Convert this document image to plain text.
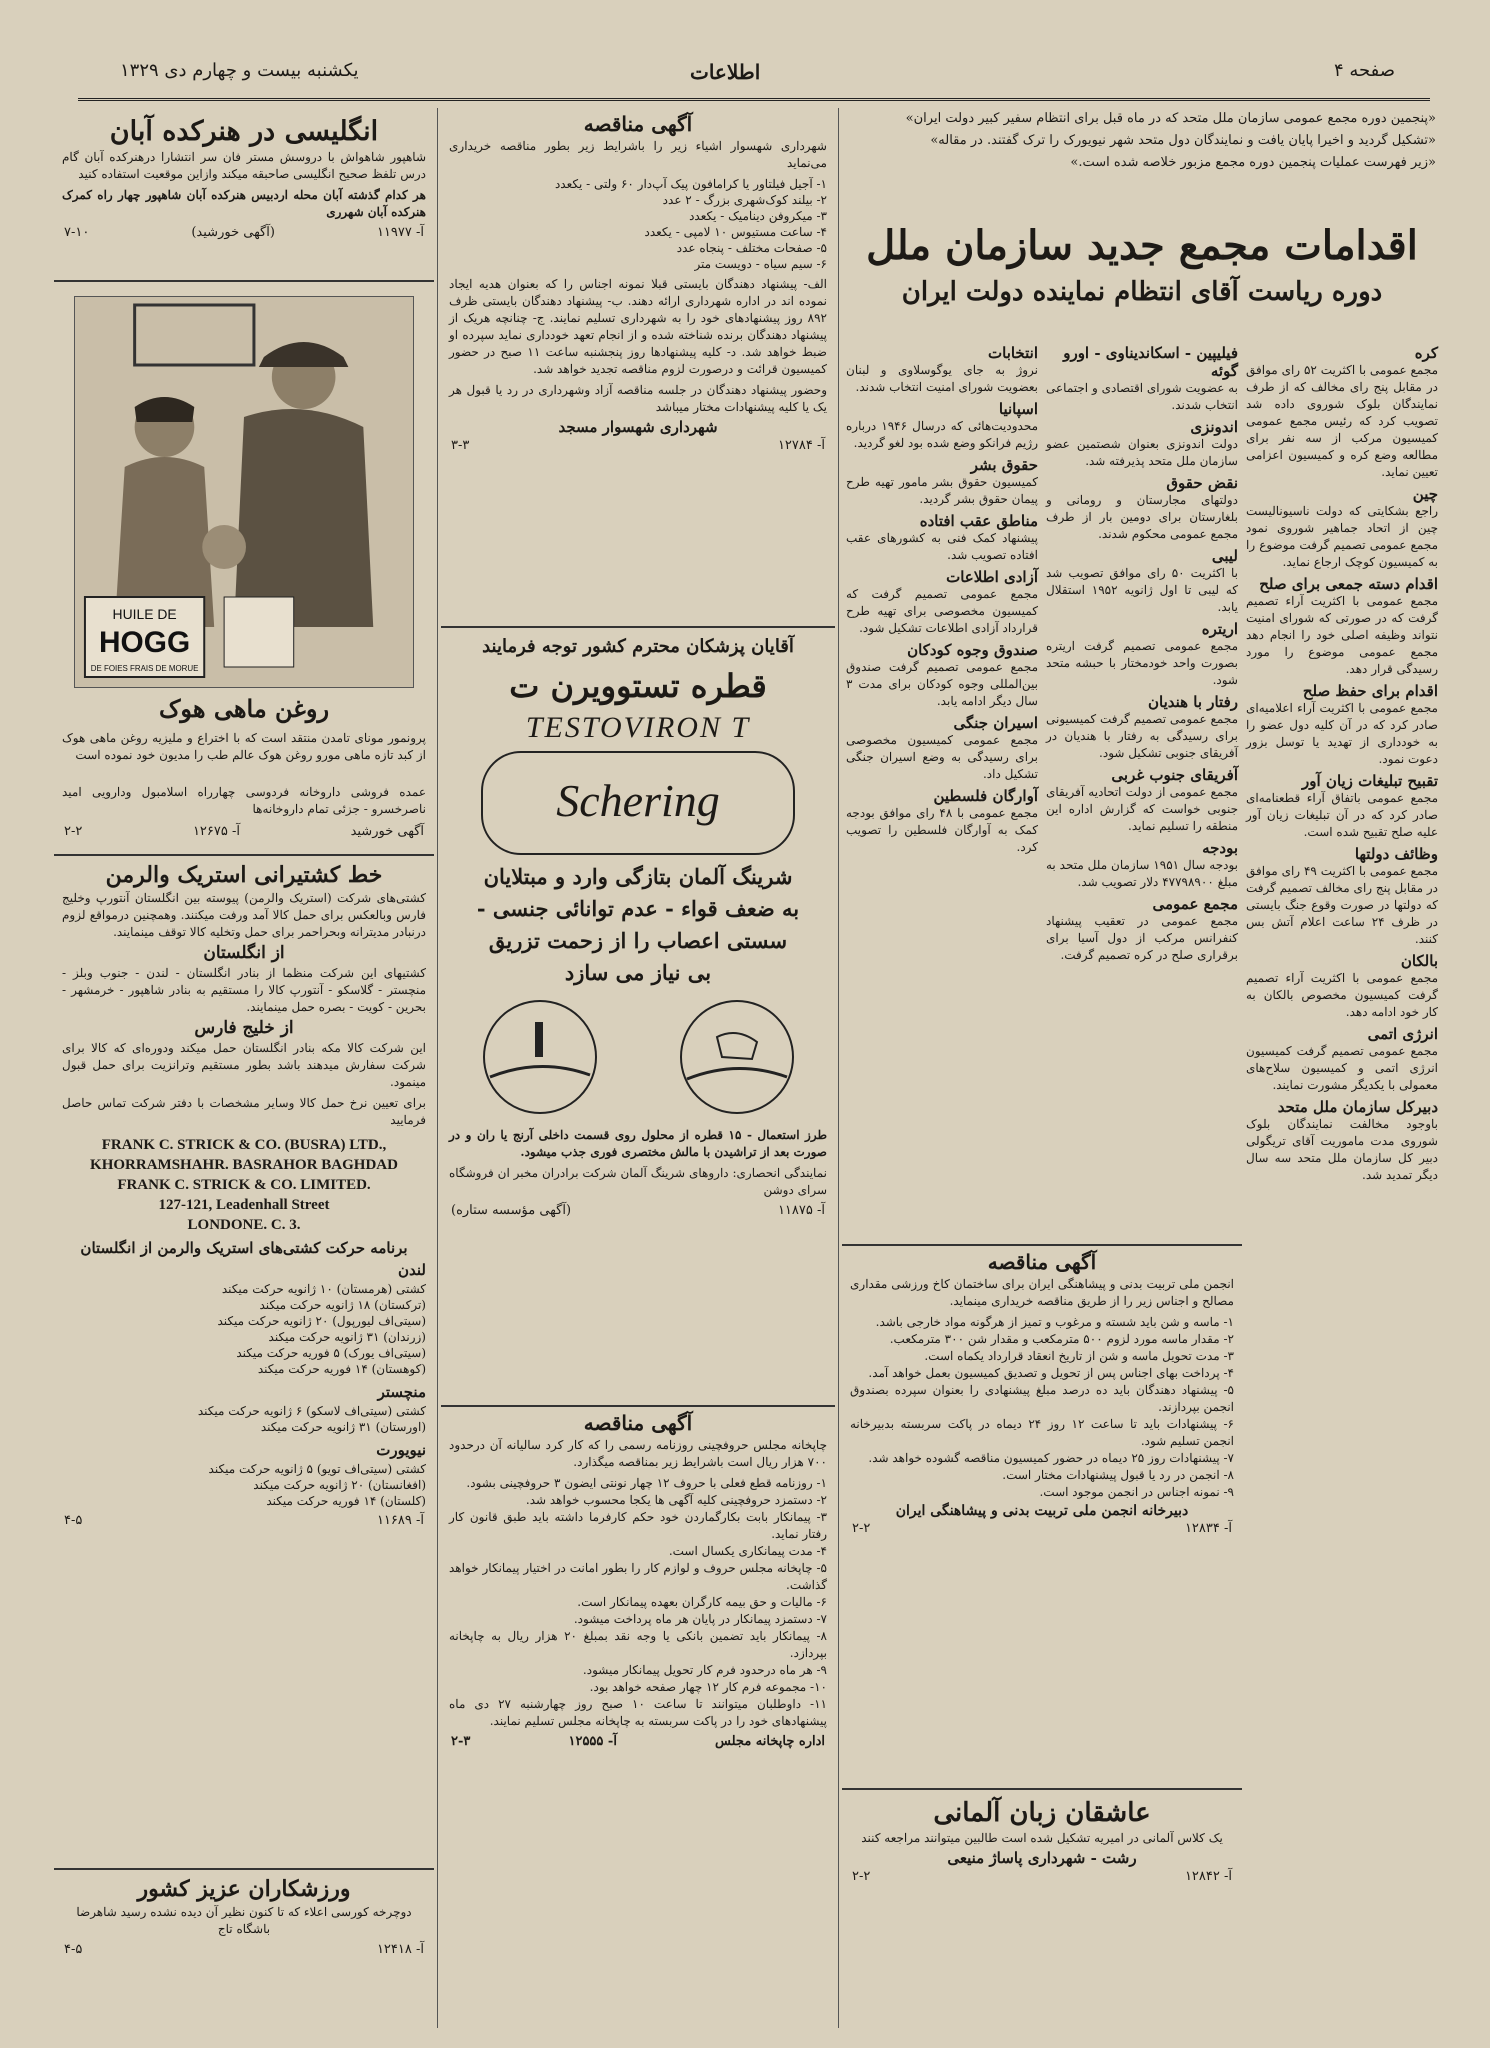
یکشنبه بیست و چهارم دی ۱۳۲۹	اطلاعات	صفحه ۴
انگلیسی در هنرکده آبان
شاهپور شاهواش با دروسش مستر فان سر انتشارا درهنرکده آبان گام درس تلفظ صحیح انگلیسی صاحبقه میکند وازاین موقعیت استفاده کنید
هر کدام گذشته آبان محله اردبیس هنرکده آبان شاهپور چهار راه کمرک هنرکده آبان شهرری
آ- ۱۱۹۷۷
(آگهی خورشید)
۷-۱۰
HUILE DE
HOGG
DE FOIES FRAIS DE MORUE
روغن ماهی هوک
پرونمور مونای تامدن منتقد است که با اختراع و ملیزیه روغن ماهی هوک از کبد تازه ماهی مورو روغن هوک عالم طب را مدیون خود نموده است
عمده فروشی داروخانه فردوسی چهارراه اسلامبول ودارویی امید ناصرخسرو - جزئی تمام داروخانه‌ها
آگهی خورشید
آ- ۱۲۶۷۵
۲-۲
خط کشتیرانی استریک والرمن
کشتی‌های شرکت (استریک والرمن) پیوسته بین انگلستان آنتورپ وخلیج فارس وبالعکس برای حمل کالا آمد ورفت میکنند. وهمچنین درمواقع لزوم درنبادر مدیترانه وبحراحمر برای حمل وتخلیه کالا توقف مینمایند.
از انگلستان
کشتیهای این شرکت منظما از بنادر انگلستان - لندن - جنوب وبلز - منچستر - گلاسکو - آنتورپ کالا را مستقیم به بنادر شاهپور - خرمشهر - بحرین - کویت - بصره حمل مینمایند.
از خلیج فارس
این شرکت کالا مکه بنادر انگلستان حمل میکند ودوره‌ای که کالا برای شرکت سفارش میدهند باشد بطور مستقیم وترانزیت برای حمل قبول مینمود.
برای تعیین نرخ حمل کالا وسایر مشخصات با دفتر شرکت تماس حاصل فرمایید
FRANK C. STRICK & CO. (BUSRA) LTD.,
KHORRAMSHAHR. BASRAHOR BAGHDAD
FRANK C. STRICK & CO. LIMITED.
127-121, Leadenhall Street
LONDONE. C. 3.
برنامه حرکت کشتی‌های استریک والرمن از انگلستان
لندن
کشتی (هرمستان) ۱۰ ژانویه حرکت میکند
(ترکستان) ۱۸ ژانویه حرکت میکند
(سیتی‌اف لیورپول) ۲۰ ژانویه حرکت میکند
(زرندان) ۳۱ ژانویه حرکت میکند
(سیتی‌اف یورک) ۵ فوریه حرکت میکند
(کوهستان) ۱۴ فوریه حرکت میکند
منچستر
کشتی (سیتی‌اف لاسکو) ۶ ژانویه حرکت میکند
(اورستان) ۳۱ ژانویه حرکت میکند
نیویورت
کشتی (سیتی‌اف تویو) ۵ ژانویه حرکت میکند
(افغانستان) ۲۰ ژانویه حرکت میکند
(کلستان) ۱۴ فوریه حرکت میکند
آ- ۱۱۶۸۹
۴-۵
ورزشکاران عزیز کشور
دوچرخه کورسی اعلاء که تا کنون نظیر آن دیده نشده رسید شاهرضا باشگاه تاج
آ- ۱۲۴۱۸
۴-۵
آگهی مناقصه
شهرداری شهسوار اشیاء زیر را باشرایط زیر بطور مناقصه خریداری می‌نماید
۱- آجیل فیلتاور یا کرامافون پیک آپ‌دار ۶۰ ولتی - یکعدد
۲- بیلند کوک‌شهری بزرگ - ۲ عدد
۳- میکروفن دینامیک - یکعدد
۴- ساعت مستیوس ۱۰ لامپی - یکعدد
۵- صفحات مختلف - پنجاه عدد
۶- سیم سیاه - دویست متر
الف- پیشنهاد دهندگان بایستی قبلا نمونه اجناس را که بعنوان هدیه ایجاد نموده اند در اداره شهرداری ارائه دهند. ب- پیشنهاد دهندگان بایستی ظرف ۸۹۲ روز پیشنهادهای خود را به شهرداری تسلیم نمایند. ج- چنانچه هریک از پیشنهاد دهندگان برنده شناخته شده و از انجام تعهد خودداری نماید سپرده او ضبط خواهد شد. د- کلیه پیشنهادها روز پنجشنبه ساعت ۱۱ صبح در حضور کمیسیون قرائت و درصورت لزوم مناقصه تجدید خواهد شد.
وحضور پیشنهاد دهندگان در جلسه مناقصه آزاد وشهرداری در رد یا قبول هر یک یا کلیه پیشنهادات مختار میباشد
شهرداری شهسوار مسجد
آ- ۱۲۷۸۴
۳-۳
آقایان پزشکان محترم کشور توجه فرمایند
قطره تستوویرن ت
TESTOVIRON T
Schering
شرینگ آلمان بتازگی وارد و مبتلایان
به ضعف قواء - عدم توانائی جنسی -
سستی اعصاب را از زحمت تزریق
بی نیاز می سازد
طرز استعمال - ۱۵ قطره از محلول روی قسمت داخلی آرنج یا ران و در صورت بعد از تراشیدن با مالش مختصری فوری جذب میشود.
نمایندگی انحصاری: داروهای شرینگ آلمان شرکت برادران مخبر ان فروشگاه سرای دوشن
آ- ۱۱۸۷۵
(آگهی مؤسسه ستاره)
آگهی مناقصه
چاپخانه مجلس حروفچینی روزنامه رسمی را که کار کرد سالیانه آن درحدود ۷۰۰ هزار ریال است باشرایط زیر بمناقصه میگذارد.
۱- روزنامه قطع فعلی با حروف ۱۲ چهار نونتی ایضون ۳ حروفچینی بشود.
۲- دستمزد حروفچینی کلیه آگهی ها یکجا محسوب خواهد شد.
۳- پیمانکار بابت بکارگماردن خود حکم کارفرما داشته باید طبق قانون کار رفتار نماید.
۴- مدت پیمانکاری یکسال است.
۵- چاپخانه مجلس حروف و لوازم کار را بطور امانت در اختیار پیمانکار خواهد گذاشت.
۶- مالیات و حق بیمه کارگران بعهده پیمانکار است.
۷- دستمزد پیمانکار در پایان هر ماه پرداخت میشود.
۸- پیمانکار باید تضمین بانکی یا وجه نقد بمبلغ ۲۰ هزار ریال به چاپخانه بپردازد.
۹- هر ماه درحدود فرم کار تحویل پیمانکار میشود.
۱۰- مجموعه فرم کار ۱۲ چهار صفحه خواهد بود.
۱۱- داوطلبان میتوانند تا ساعت ۱۰ صبح روز چهارشنبه ۲۷ دی ماه پیشنهادهای خود را در پاکت سربسته به چاپخانه مجلس تسلیم نمایند.
اداره چاپخانه مجلس
آ- ۱۲۵۵۵
۲-۳
«پنجمین دوره مجمع عمومی سازمان ملل متحد که در ماه قبل برای انتظام سفیر کبیر دولت ایران»
«تشکیل گردید و اخیرا پایان یافت و نمایندگان دول متحد شهر نیویورک را ترک گفتند. در مقاله»
«زیر فهرست عملیات پنجمین دوره مجمع مزبور خلاصه شده است.»
اقدامات مجمع جدید سازمان ملل
دوره ریاست آقای انتظام نماینده دولت ایران
کره
مجمع عمومی با اکثریت ۵۲ رای موافق در مقابل پنج رای مخالف که از طرف نمایندگان بلوک شوروی داده شد تصویب کرد که رئیس مجمع عمومی کمیسیون مرکب از سه نفر برای مطالعه وضع کره و کمیسیون اعزامی تعیین نماید.
چین
راجع بشکایتی که دولت ناسیونالیست چین از اتحاد جماهیر شوروی نمود مجمع عمومی تصمیم گرفت موضوع را به کمیسیون کوچک ارجاع نماید.
اقدام دسته جمعی برای صلح
مجمع عمومی با اکثریت آراء تصمیم گرفت که در صورتی که شورای امنیت نتواند وظیفه اصلی خود را انجام دهد مجمع عمومی موضوع را مورد رسیدگی قرار دهد.
اقدام برای حفظ صلح
مجمع عمومی با اکثریت آراء اعلامیه‌ای صادر کرد که در آن کلیه دول عضو را به خودداری از تهدید یا توسل بزور دعوت نمود.
تقبیح تبلیغات زیان آور
مجمع عمومی باتفاق آراء قطعنامه‌ای صادر کرد که در آن تبلیغات زیان آور علیه صلح تقبیح شده است.
وظائف دولتها
مجمع عمومی با اکثریت ۴۹ رای موافق در مقابل پنج رای مخالف تصمیم گرفت که دولتها در صورت وقوع جنگ بایستی در ظرف ۲۴ ساعت اعلام آتش بس کنند.
بالکان
مجمع عمومی با اکثریت آراء تصمیم گرفت کمیسیون مخصوص بالکان به کار خود ادامه دهد.
انرژی اتمی
مجمع عمومی تصمیم گرفت کمیسیون انرژی اتمی و کمیسیون سلاح‌های معمولی با یکدیگر مشورت نمایند.
دبیرکل سازمان ملل متحد
باوجود مخالفت نمایندگان بلوک شوروی مدت ماموریت آقای تریگولی دبیر کل سازمان ملل متحد سه سال دیگر تمدید شد.
فیلیپین - اسکاندیناوی - اورو گوئه
به عضویت شورای اقتصادی و اجتماعی انتخاب شدند.
اندونزی
دولت اندونزی بعنوان شصتمین عضو سازمان ملل متحد پذیرفته شد.
نقض حقوق
دولتهای مجارستان و رومانی و بلغارستان برای دومین بار از طرف مجمع عمومی محکوم شدند.
لیبی
با اکثریت ۵۰ رای موافق تصویب شد که لیبی تا اول ژانویه ۱۹۵۲ استقلال یابد.
اریتره
مجمع عمومی تصمیم گرفت اریتره بصورت واحد خودمختار با حبشه متحد شود.
رفتار با هندیان
مجمع عمومی تصمیم گرفت کمیسیونی برای رسیدگی به رفتار با هندیان در آفریقای جنوبی تشکیل شود.
آفریقای جنوب غربی
مجمع عمومی از دولت اتحادیه آفریقای جنوبی خواست که گزارش اداره این منطقه را تسلیم نماید.
بودجه
بودجه سال ۱۹۵۱ سازمان ملل متحد به مبلغ ۴۷۷۹۸۹۰۰ دلار تصویب شد.
مجمع عمومی
مجمع عمومی در تعقیب پیشنهاد کنفرانس مرکب از دول آسیا برای برقراری صلح در کره تصمیم گرفت.
انتخابات
نروژ به جای یوگوسلاوی و لبنان بعضویت شورای امنیت انتخاب شدند.
اسپانیا
محدودیت‌هائی که درسال ۱۹۴۶ درباره رژیم فرانکو وضع شده بود لغو گردید.
حقوق بشر
کمیسیون حقوق بشر مامور تهیه طرح پیمان حقوق بشر گردید.
مناطق عقب افتاده
پیشنهاد کمک فنی به کشورهای عقب افتاده تصویب شد.
آزادی اطلاعات
مجمع عمومی تصمیم گرفت که کمیسیون مخصوصی برای تهیه طرح قرارداد آزادی اطلاعات تشکیل شود.
صندوق وجوه کودکان
مجمع عمومی تصمیم گرفت صندوق بین‌المللی وجوه کودکان برای مدت ۳ سال دیگر ادامه یابد.
اسیران جنگی
مجمع عمومی کمیسیون مخصوصی برای رسیدگی به وضع اسیران جنگی تشکیل داد.
آوارگان فلسطین
مجمع عمومی با ۴۸ رای موافق بودجه کمک به آوارگان فلسطین را تصویب کرد.
آگهی مناقصه
انجمن ملی تربیت بدنی و پیشاهنگی ایران برای ساختمان کاخ ورزشی مقداری مصالح و اجناس زیر را از طریق مناقصه خریداری مینماید.
۱- ماسه و شن باید شسته و مرغوب و تمیز از هرگونه مواد خارجی باشد.
۲- مقدار ماسه مورد لزوم ۵۰۰ مترمکعب و مقدار شن ۳۰۰ مترمکعب.
۳- مدت تحویل ماسه و شن از تاریخ انعقاد قرارداد یکماه است.
۴- پرداخت بهای اجناس پس از تحویل و تصدیق کمیسیون بعمل خواهد آمد.
۵- پیشنهاد دهندگان باید ده درصد مبلغ پیشنهادی را بعنوان سپرده بصندوق انجمن بپردازند.
۶- پیشنهادات باید تا ساعت ۱۲ روز ۲۴ دیماه در پاکت سربسته بدبیرخانه انجمن تسلیم شود.
۷- پیشنهادات روز ۲۵ دیماه در حضور کمیسیون مناقصه گشوده خواهد شد.
۸- انجمن در رد یا قبول پیشنهادات مختار است.
۹- نمونه اجناس در انجمن موجود است.
دبیرخانه انجمن ملی تربیت بدنی و پیشاهنگی ایران
آ- ۱۲۸۳۴
۲-۲
عاشقان زبان آلمانی
یک کلاس آلمانی در امیریه تشکیل شده است طالبین میتوانند مراجعه کنند
رشت - شهرداری پاساژ منیعی
آ- ۱۲۸۴۲
۲-۲
